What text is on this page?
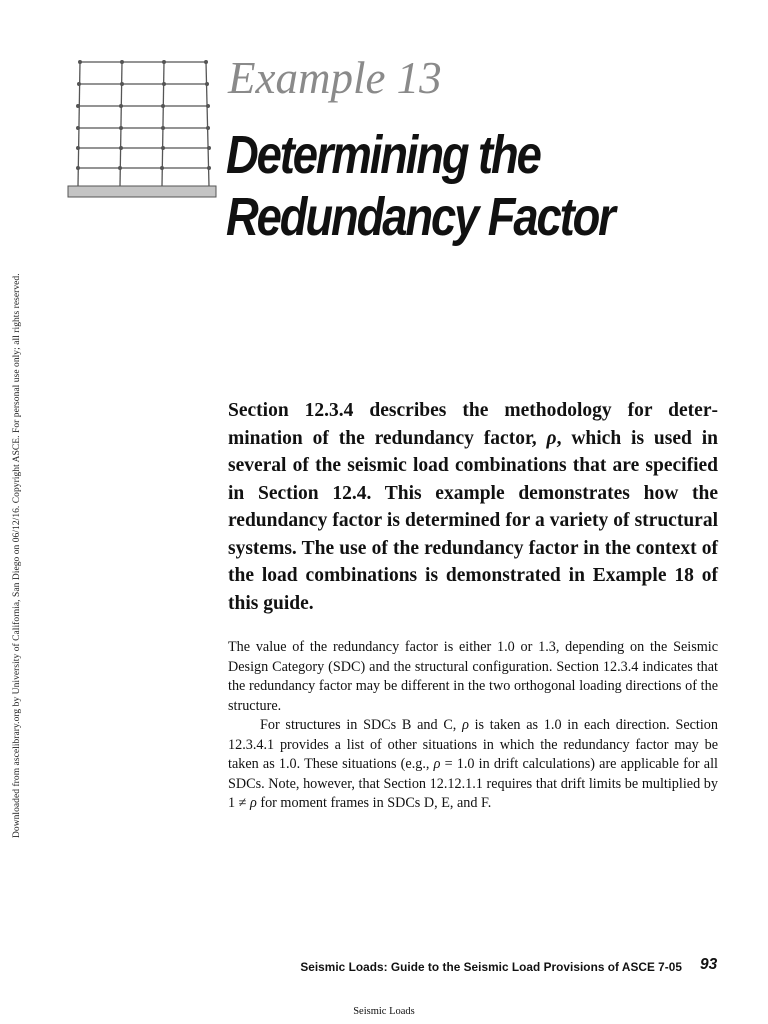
Downloaded from ascelibrary.org by University of California, San Diego on 06/12/16. Copyright ASCE. For personal use only; all rights reserved.
Example 13
Determining the
Redundancy Factor

Section 12.3.4 describes the methodology for determination of the redundancy factor, ρ, which is used in several of the seismic load combinations that are specified in Section 12.4. This example demonstrates how the redundancy factor is determined for a variety of structural systems. The use of the redundancy factor in the context of the load combinations is demonstrated in Example 18 of this guide.

The value of the redundancy factor is either 1.0 or 1.3, depending on the Seismic Design Category (SDC) and the structural configuration. Section 12.3.4 indicates that the redundancy factor may be different in the two orthogonal loading directions of the structure.

For structures in SDCs B and C, ρ is taken as 1.0 in each direction. Section 12.3.4.1 provides a list of other situations in which the redundancy factor may be taken as 1.0. These situations (e.g., ρ = 1.0 in drift calculations) are applicable for all SDCs. Note, however, that Section 12.12.1.1 requires that drift limits be multiplied by 1 ≠ ρ for moment frames in SDCs D, E, and F.

Seismic Loads: Guide to the Seismic Load Provisions of ASCE 7-05 93
Seismic Loads
